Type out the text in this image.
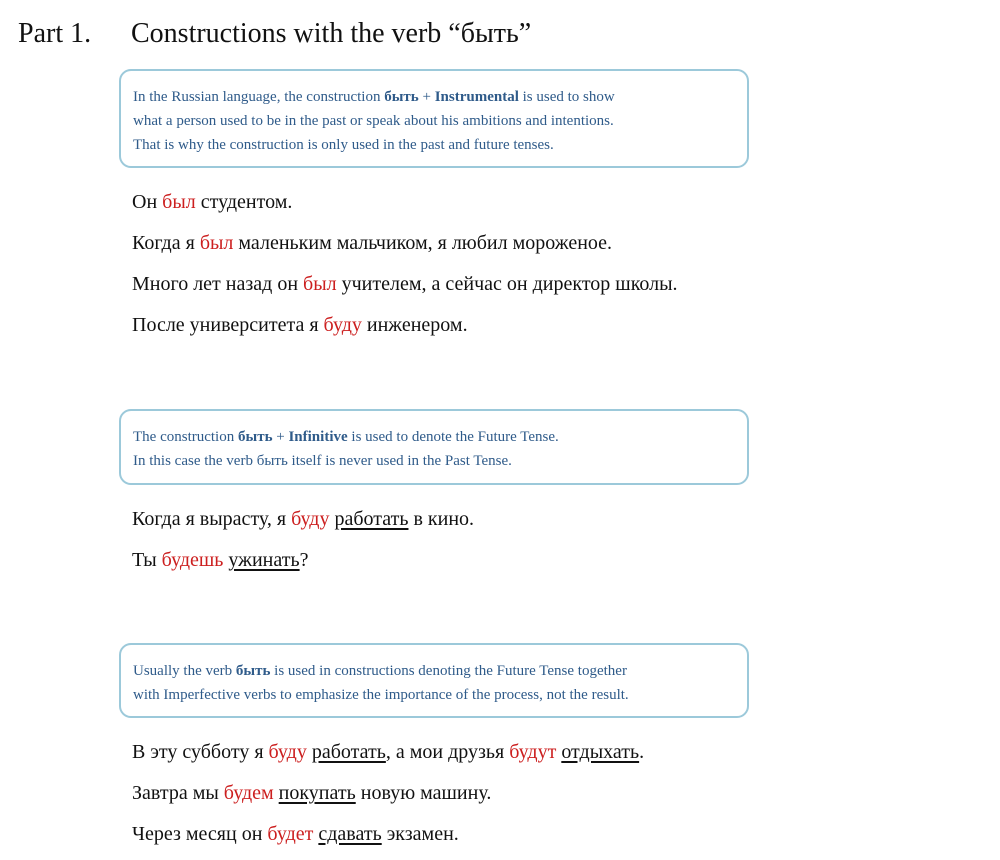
Part 1. Constructions with the verb “быть”
In the Russian language, the construction быть + Instrumental is used to show
what a person used to be in the past or speak about his ambitions and intentions.
That is why the construction is only used in the past and future tenses.
Он был студентом.
Когда я был маленьким мальчиком, я любил мороженое.
Много лет назад он был учителем, а сейчас он директор школы.
После университета я буду инженером.
The construction быть + Infinitive is used to denote the Future Tense.
In this case the verb быть itself is never used in the Past Tense.
Когда я вырасту, я буду работать в кино.
Ты будешь ужинать?
Usually the verb быть is used in constructions denoting the Future Tense together
with Imperfective verbs to emphasize the importance of the process, not the result.
В эту субботу я буду работать, а мои друзья будут отдыхать.
Завтра мы будем покупать новую машину.
Через месяц он будет сдавать экзамен.
